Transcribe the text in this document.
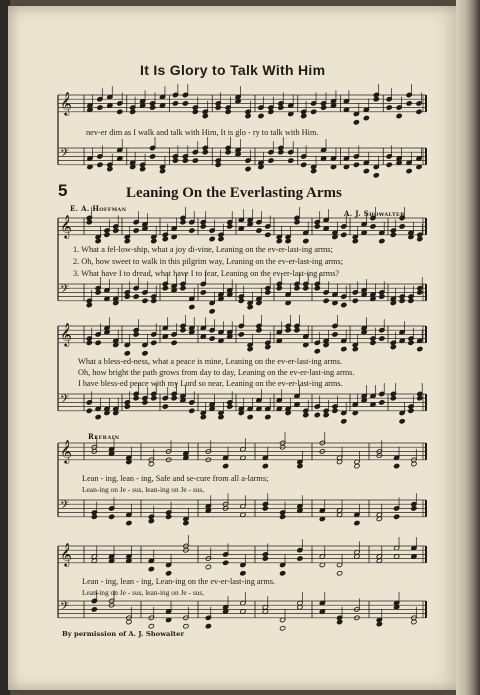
𝄞
𝄢
𝄞
𝄢
𝄞
𝄢
𝄞
𝄢
𝄞
𝄢
It Is Glory to Talk With Him
nev-er dim as I walk and talk with Him, It is glo - ry to talk with Him.
5	Leaning On the Everlasting Arms
E. A. Hoffman
A. J. Showalter
1. What a fel-low-ship, what a joy di-vine, Leaning on the ev-er-last-ing arms;
2. Oh, how sweet to walk in this pilgrim way, Leaning on the ev-er-last-ing arms;
3. What have I to dread, what have I to fear, Leaning on the ev-er-last-ing arms?
What a bless-ed-ness, what a peace is mine, Leaning on the ev-er-last-ing arms.
Oh, how bright the path grows from day to day, Leaning on the ev-er-last-ing arms.
I have bless-ed peace with my Lord so near, Leaning on the ev-er-last-ing arms.
Refrain
Lean - ing, lean - ing, Safe and se-cure from all a-larms;
Lean-ing on Je - sus, lean-ing on Je - sus,
Lean - ing, lean - ing, Lean-ing on the ev-er-last-ing arms.
Lean-ing on Je - sus, lean-ing on Je - sus,
By permission of A. J. Showalter
